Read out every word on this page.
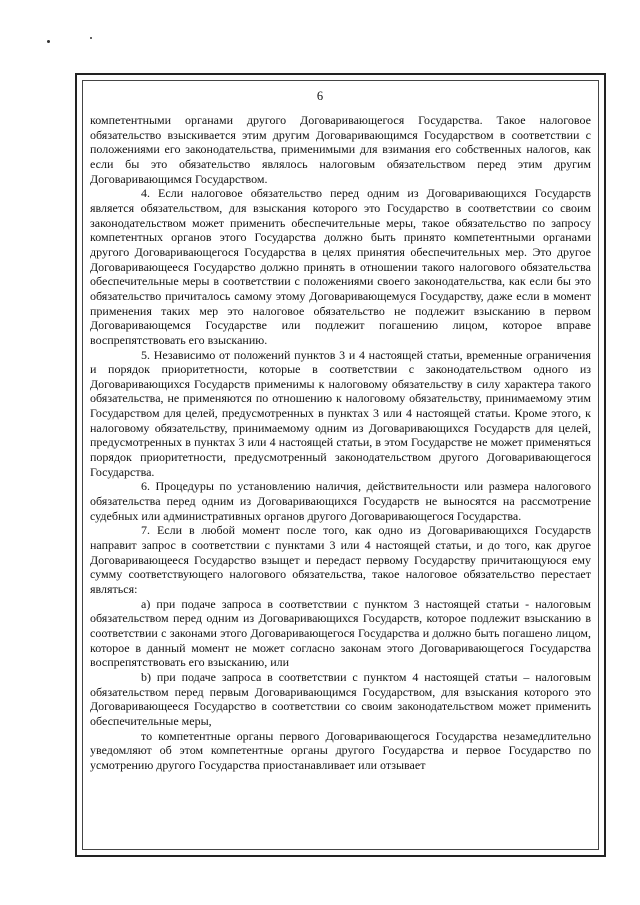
6

компетентными органами другого Договаривающегося Государства. Такое налоговое обязательство взыскивается этим другим Договаривающимся Государством в соответствии с положениями его законодательства, применимыми для взимания его собственных налогов, как если бы это обязательство являлось налоговым обязательством перед этим другим Договаривающимся Государством.

4. Если налоговое обязательство перед одним из Договаривающихся Государств является обязательством, для взыскания которого это Государство в соответствии со своим законодательством может применить обеспечительные меры, такое обязательство по запросу компетентных органов этого Государства должно быть принято компетентными органами другого Договаривающегося Государства в целях принятия обеспечительных мер. Это другое Договаривающееся Государство должно принять в отношении такого налогового обязательства обеспечительные меры в соответствии с положениями своего законодательства, как если бы это обязательство причиталось самому этому Договаривающемуся Государству, даже если в момент применения таких мер это налоговое обязательство не подлежит взысканию в первом Договаривающемся Государстве или подлежит погашению лицом, которое вправе воспрепятствовать его взысканию.

5. Независимо от положений пунктов 3 и 4 настоящей статьи, временные ограничения и порядок приоритетности, которые в соответствии с законодательством одного из Договаривающихся Государств применимы к налоговому обязательству в силу характера такого обязательства, не применяются по отношению к налоговому обязательству, принимаемому этим Государством для целей, предусмотренных в пунктах 3 или 4 настоящей статьи. Кроме этого, к налоговому обязательству, принимаемому одним из Договаривающихся Государств для целей, предусмотренных в пунктах 3 или 4 настоящей статьи, в этом Государстве не может применяться порядок приоритетности, предусмотренный законодательством другого Договаривающегося Государства.

6. Процедуры по установлению наличия, действительности или размера налогового обязательства перед одним из Договаривающихся Государств не выносятся на рассмотрение судебных или административных органов другого Договаривающегося Государства.

7. Если в любой момент после того, как одно из Договаривающихся Государств направит запрос в соответствии с пунктами 3 или 4 настоящей статьи, и до того, как другое Договаривающееся Государство взыщет и передаст первому Государству причитающуюся ему сумму соответствующего налогового обязательства, такое налоговое обязательство перестает являться:

a) при подаче запроса в соответствии с пунктом 3 настоящей статьи - налоговым обязательством перед одним из Договаривающихся Государств, которое подлежит взысканию в соответствии с законами этого Договаривающегося Государства и должно быть погашено лицом, которое в данный момент не может согласно законам этого Договаривающегося Государства воспрепятствовать его взысканию, или

b) при подаче запроса в соответствии с пунктом 4 настоящей статьи – налоговым обязательством перед первым Договаривающимся Государством, для взыскания которого это Договаривающееся Государство в соответствии со своим законодательством может применить обеспечительные меры,

то компетентные органы первого Договаривающегося Государства незамедлительно уведомляют об этом компетентные органы другого Государства и первое Государство по усмотрению другого Государства приостанавливает или отзывает
